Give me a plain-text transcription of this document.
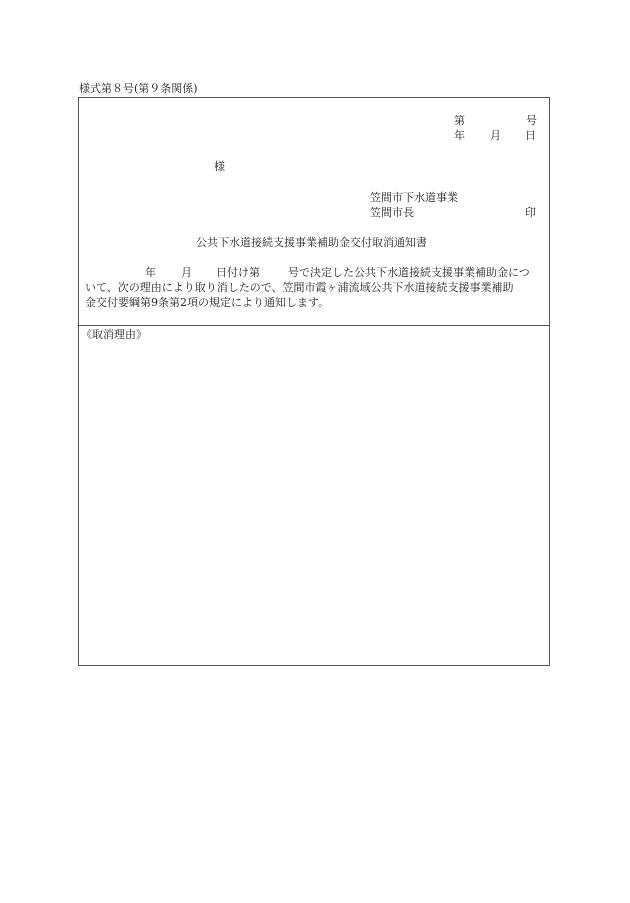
様式第８号(第９条関係)
第	号
年 月 日
様
笠間市下水道事業
笠間市長	印
公共下水道接続支援事業補助金交付取消通知書
年 月 日付け第	号で決定した公共下水道接続支援事業補助金につ
いて、次の理由により取り消したので、笠間市霞ヶ浦流域公共下水道接続支援事業補助
金交付要綱第9条第2項の規定により通知します。
《取消理由》
